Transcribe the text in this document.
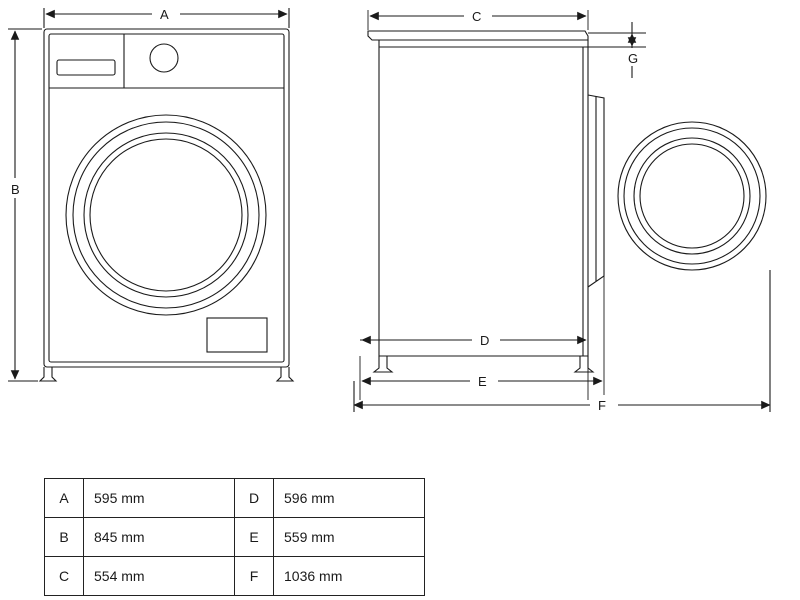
A
B
C
G
D
E
F
A	595 mm	D	596 mm
B	845 mm	E	559 mm
C	554 mm	F	1036 mm
